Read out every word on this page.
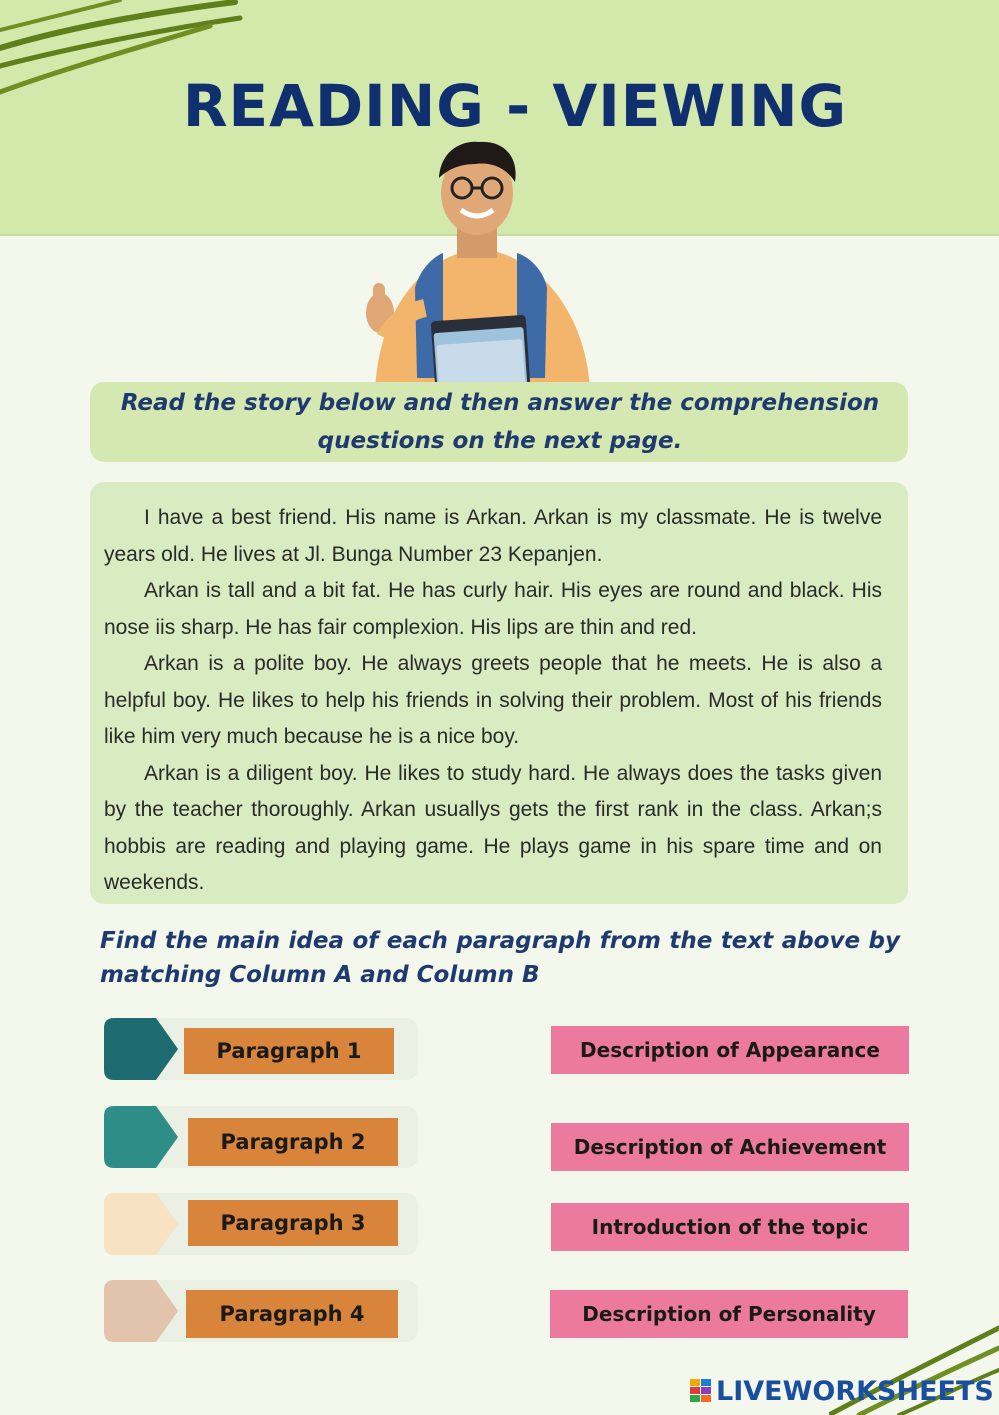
READING - VIEWING
Read the story below and then answer the comprehension questions on the next page.

I have a best friend. His name is Arkan. Arkan is my classmate. He is twelve years old. He lives at Jl. Bunga Number 23 Kepanjen.

Arkan is tall and a bit fat. He has curly hair. His eyes are round and black. His nose iis sharp. He has fair complexion. His lips are thin and red.

Arkan is a polite boy. He always greets people that he meets. He is also a helpful boy. He likes to help his friends in solving their problem. Most of his friends like him very much because he is a nice boy.

Arkan is a diligent boy. He likes to study hard. He always does the tasks given by the teacher thoroughly. Arkan usuallys gets the first rank in the class. Arkan;s hobbis are reading and playing game. He plays game in his spare time and on weekends.

Find the main idea of each paragraph from the text above by matching Column A and Column B
Paragraph 1
Paragraph 2
Paragraph 3
Paragraph 4
Description of Appearance
Description of Achievement
Introduction of the topic
Description of Personality
LIVEWORKSHEETS
